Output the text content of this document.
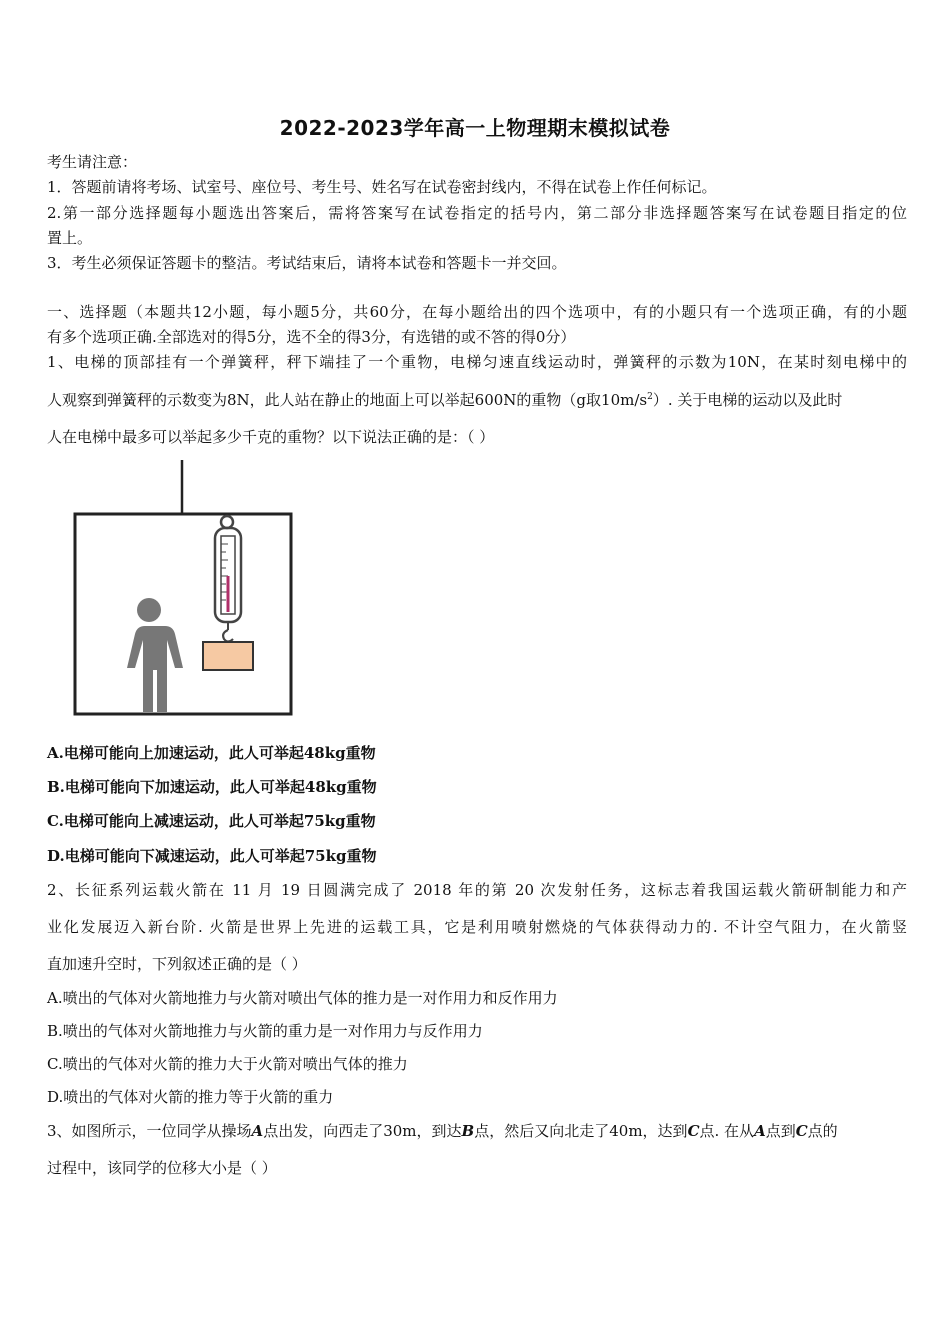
2022-2023学年高一上物理期末模拟试卷
考生请注意：
1．答题前请将考场、试室号、座位号、考生号、姓名写在试卷密封线内，不得在试卷上作任何标记。
2.第一部分选择题每小题选出答案后，需将答案写在试卷指定的括号内，第二部分非选择题答案写在试卷题目指定的位
置上。
3．考生必须保证答题卡的整洁。考试结束后，请将本试卷和答题卡一并交回。
一、选择题（本题共12小题，每小题5分，共60分，在每小题给出的四个选项中，有的小题只有一个选项正确，有的小题
有多个选项正确.全部选对的得5分，选不全的得3分，有选错的或不答的得0分）
1、电梯的顶部挂有一个弹簧秤，秤下端挂了一个重物，电梯匀速直线运动时，弹簧秤的示数为10N，在某时刻电梯中的
人观察到弹簧秤的示数变为8N，此人站在静止的地面上可以举起600N的重物（g取$10m/s^2$）. 关于电梯的运动以及此时
人在电梯中最多可以举起多少千克的重物？以下说法正确的是：（ ）
A.电梯可能向上加速运动，此人可举起48kg重物
B.电梯可能向下加速运动，此人可举起48kg重物
C.电梯可能向上减速运动，此人可举起75kg重物
D.电梯可能向下减速运动，此人可举起75kg重物
2、长征系列运载火箭在 11 月 19 日圆满完成了 2018 年的第 20 次发射任务，这标志着我国运载火箭研制能力和产
业化发展迈入新台阶. 火箭是世界上先进的运载工具，它是利用喷射燃烧的气体获得动力的. 不计空气阻力，在火箭竖
直加速升空时，下列叙述正确的是（ ）
A.喷出的气体对火箭地推力与火箭对喷出气体的推力是一对作用力和反作用力
B.喷出的气体对火箭地推力与火箭的重力是一对作用力与反作用力
C.喷出的气体对火箭的推力大于火箭对喷出气体的推力
D.喷出的气体对火箭的推力等于火箭的重力
3、如图所示，一位同学从操场A点出发，向西走了30m，到达B点，然后又向北走了40m，达到C点. 在从A点到C点的
过程中，该同学的位移大小是（ ）
